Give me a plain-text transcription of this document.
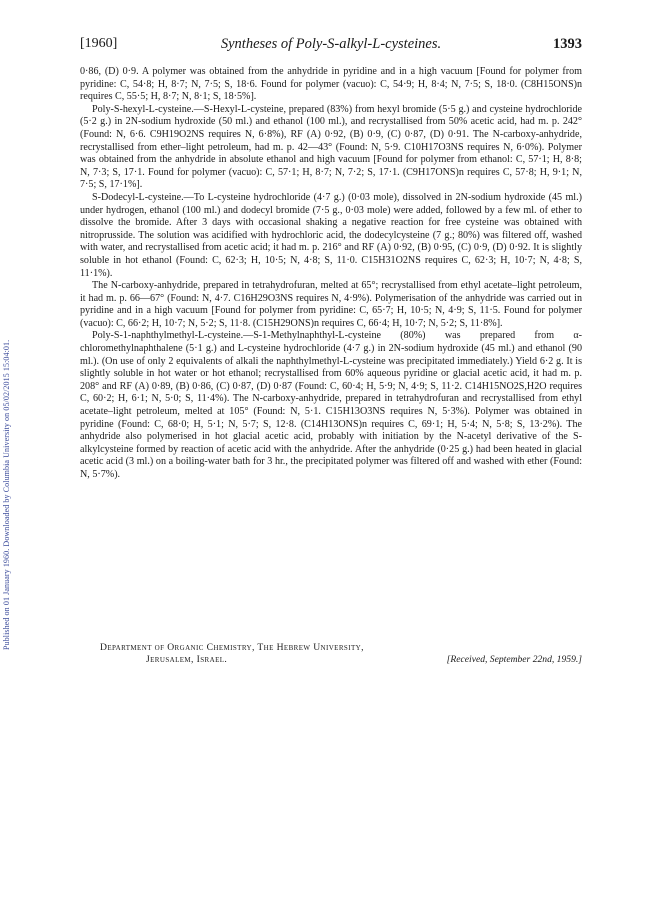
Published on 01 January 1960. Downloaded by Columbia University on 05/02/2015 15:04:01.
[1960]	Syntheses of Poly-S-alkyl-L-cysteines.	1393

0·86, (D) 0·9. A polymer was obtained from the anhydride in pyridine and in a high vacuum [Found for polymer from pyridine: C, 54·8; H, 8·7; N, 7·5; S, 18·6. Found for polymer (vacuo): C, 54·9; H, 8·4; N, 7·5; S, 18·0. (C8H15ONS)n requires C, 55·5; H, 8·7; N, 8·1; S, 18·5%].

Poly-S-hexyl-L-cysteine.—S-Hexyl-L-cysteine, prepared (83%) from hexyl bromide (5·5 g.) and cysteine hydrochloride (5·2 g.) in 2N-sodium hydroxide (50 ml.) and ethanol (100 ml.), and recrystallised from 50% acetic acid, had m. p. 242° (Found: N, 6·6. C9H19O2NS requires N, 6·8%), RF (A) 0·92, (B) 0·9, (C) 0·87, (D) 0·91. The N-carboxy-anhydride, recrystallised from ether–light petroleum, had m. p. 42—43° (Found: N, 5·9. C10H17O3NS requires N, 6·0%). Polymer was obtained from the anhydride in absolute ethanol and high vacuum [Found for polymer from ethanol: C, 57·1; H, 8·8; N, 7·3; S, 17·1. Found for polymer (vacuo): C, 57·1; H, 8·7; N, 7·2; S, 17·1. (C9H17ONS)n requires C, 57·8; H, 9·1; N, 7·5; S, 17·1%].

S-Dodecyl-L-cysteine.—To L-cysteine hydrochloride (4·7 g.) (0·03 mole), dissolved in 2N-sodium hydroxide (45 ml.) under hydrogen, ethanol (100 ml.) and dodecyl bromide (7·5 g., 0·03 mole) were added, followed by a few ml. of ether to dissolve the bromide. After 3 days with occasional shaking a negative reaction for free cysteine was obtained with nitroprusside. The solution was acidified with hydrochloric acid, the dodecylcysteine (7 g.; 80%) was filtered off, washed with water, and recrystallised from acetic acid; it had m. p. 216° and RF (A) 0·92, (B) 0·95, (C) 0·9, (D) 0·92. It is slightly soluble in hot ethanol (Found: C, 62·3; H, 10·5; N, 4·8; S, 11·0. C15H31O2NS requires C, 62·3; H, 10·7; N, 4·8; S, 11·1%).

The N-carboxy-anhydride, prepared in tetrahydrofuran, melted at 65°; recrystallised from ethyl acetate–light petroleum, it had m. p. 66—67° (Found: N, 4·7. C16H29O3NS requires N, 4·9%). Polymerisation of the anhydride was carried out in pyridine and in a high vacuum [Found for polymer from pyridine: C, 65·7; H, 10·5; N, 4·9; S, 11·5. Found for polymer (vacuo): C, 66·2; H, 10·7; N, 5·2; S, 11·8. (C15H29ONS)n requires C, 66·4; H, 10·7; N, 5·2; S, 11·8%].

Poly-S-1-naphthylmethyl-L-cysteine.—S-1-Methylnaphthyl-L-cysteine (80%) was prepared from α-chloromethylnaphthalene (5·1 g.) and L-cysteine hydrochloride (4·7 g.) in 2N-sodium hydroxide (45 ml.) and ethanol (90 ml.). (On use of only 2 equivalents of alkali the naphthylmethyl-L-cysteine was precipitated immediately.) Yield 6·2 g. It is slightly soluble in hot water or hot ethanol; recrystallised from 60% aqueous pyridine or glacial acetic acid, it had m. p. 208° and RF (A) 0·89, (B) 0·86, (C) 0·87, (D) 0·87 (Found: C, 60·4; H, 5·9; N, 4·9; S, 11·2. C14H15NO2S,H2O requires C, 60·2; H, 6·1; N, 5·0; S, 11·4%). The N-carboxy-anhydride, prepared in tetrahydrofuran and recrystallised from ethyl acetate–light petroleum, melted at 105° (Found: N, 5·1. C15H13O3NS requires N, 5·3%). Polymer was obtained in pyridine (Found: C, 68·0; H, 5·1; N, 5·7; S, 12·8. (C14H13ONS)n requires C, 69·1; H, 5·4; N, 5·8; S, 13·2%). The anhydride also polymerised in hot glacial acetic acid, probably with initiation by the N-acetyl derivative of the S-alkylcysteine formed by reaction of acetic acid with the anhydride. After the anhydride (0·25 g.) had been heated in glacial acetic acid (3 ml.) on a boiling-water bath for 3 hr., the precipitated polymer was filtered off and washed with ether (Found: N, 5·7%).

Department of Organic Chemistry, The Hebrew University,
Jerusalem, Israel.	[Received, September 22nd, 1959.]
